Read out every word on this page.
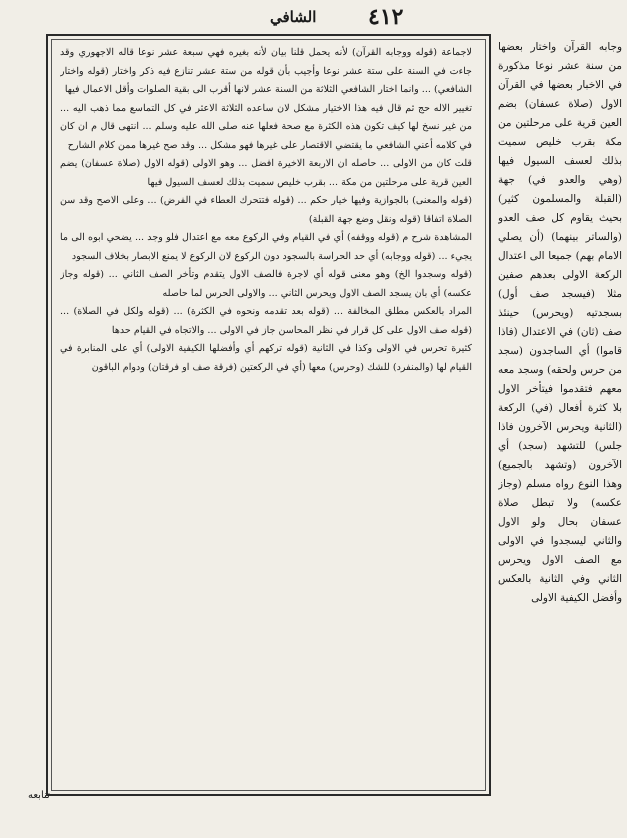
الشافي ٤١٢

لاجماعة (قوله ووجابه القرآن) لأنه يحمل قلنا بيان لأنه بغيره فهي سبعة عشر نوعا قاله الاجهوري وقد جاءت في السنة على ستة عشر نوعا وأجيب بأن قوله من ستة عشر تنازع فيه ذكر واختار (قوله واختار الشافعي) ... وانما اختار الشافعي الثلاثة من السنة عشر لانها أقرب الى بقية الصلوات وأقل الاعمال فيها

تغيير الاله حج ثم قال فيه هذا الاختيار مشكل لان ساعده الثلاثة الاعثر في كل التماسع مما ذهب اليه ... من غير نسخ لها كيف تكون هذه الكثرة مع صحة فعلها عنه صلى الله عليه وسلم ... انتهى قال م ان كان في كلامه أعني الشافعي ما يقتضي الاقتصار على غيرها فهو مشكل ... وقد صح غيرها ممن كلام الشارح

قلت كان من الاولى ... حاصله ان الاربعة الاخيرة افضل ... وهو الاولى (قوله الاول (صلاة عسفان) يضم العين قرية على مرحلتين من مكة ... بقرب خليص سميت بذلك لعسف السيول فيها

(قوله والمعنى) بالجوازية وفيها خيار حكم ... (قوله فتتحرك العطاء في الفرض) ... وعلى الاصح وقد سن الصلاة اتفاقا (قوله ونقل وضع جهة القبلة)

المشاهدة شرح م (قوله ووقفه) أي في القيام وفي الركوع معه مع اعتدال فلو وجد ... يضحي ابوه الى ما يجيء ... (قوله ووجابه) أي حد الحراسة بالسجود دون الركوع لان الركوع لا يمنع الابصار بخلاف السجود

(قوله وسجدوا الخ) وهو معنى قوله أي لاجرة فالصف الاول يتقدم وتأخر الصف الثاني ... (قوله وجاز عكسه) أي بان يسجد الصف الاول ويحرس الثاني ... والاولى الحرس لما حاصله

المراد بالعكس مطلق المخالفة ... (قوله بعد تقدمه ونحوه في الكثرة) ... (قوله ولكل في الصلاة) ... (قوله صف الاول على كل قرار في نظر المحاسن جاز في الاولى ... والاتجاه في القيام حدها

كثيرة تحرس في الاولى وكذا في الثانية (قوله تركهم أي وأفضلها الكيفية الاولى) أي على المنابرة في القيام لها (والمنفرد) للشك (وحرس) معها (أي في الركعتين (فرقة صف او فرقتان) ودوام الباقون

وجابه القرآن واختار بعضها من سنة عشر نوعا مذكورة في الاخبار بعضها في القرآن الاول (صلاة عسفان) بضم العين قرية على مرحلتين من مكة بقرب خليص سميت بذلك لعسف السيول فيها (وهي والعدو في) جهة (القبلة والمسلمون كثير) بحيث يقاوم كل صف العدو (والساتر بينهما) (أن يصلي الامام بهم) جميعا الى اعتدال الركعة الاولى بعدهم صفين مثلا (فيسجد صف أول) بسجدتيه (ويحرس) حينئذ صف (ثان) في الاعتدال (فاذا قاموا) أي الساجدون (سجد من حرس ولحقه) وسجد معه معهم فتقدموا فيتأخر الاول بلا كثرة أفعال (في) الركعة (الثانية ويحرس الآخرون فاذا جلس) للتشهد (سجد) أي الآخرون (وتشهد بالجميع) وهذا النوع رواه مسلم (وجاز عكسه) ولا تبطل صلاة عسفان بحال ولو الاول والثاني ليسجدوا في الاولى مع الصف الاول ويحرس الثاني وفي الثانية بالعكس وأفضل الكيفية الاولى

تنابعه
